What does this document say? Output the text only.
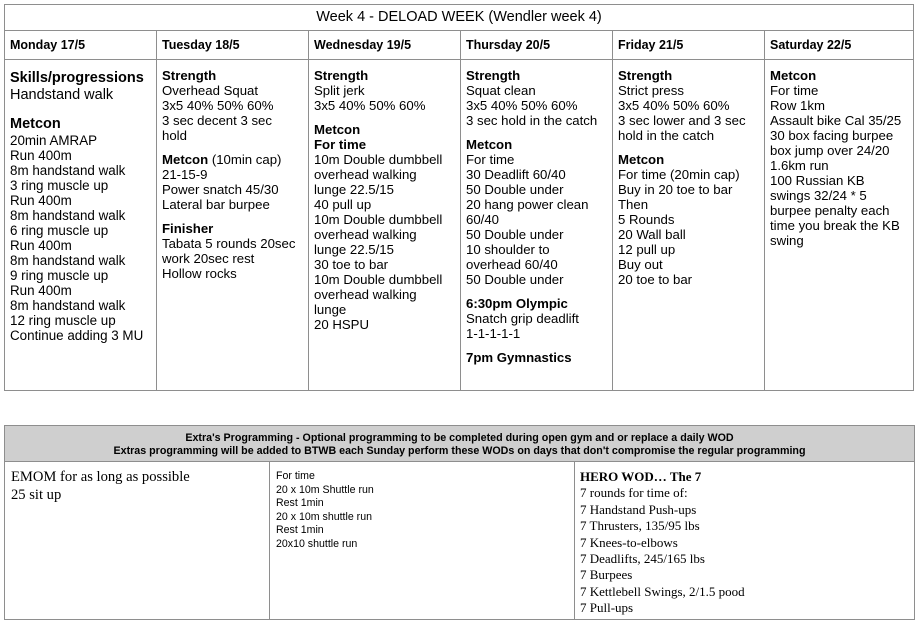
Week 4 - DELOAD WEEK (Wendler week 4)
Monday 17/5
Skills/progressions
Handstand walk
Metcon
20min AMRAP
Run 400m
8m handstand walk
3 ring muscle up
Run 400m
8m handstand walk
6 ring muscle up
Run 400m
8m handstand walk
9 ring muscle up
Run 400m
8m handstand walk
12 ring muscle up
Continue adding 3 MU
Tuesday 18/5
Strength
Overhead Squat
3x5 40% 50% 60%
3 sec decent 3 sec
hold
Metcon (10min cap)
21-15-9
Power snatch 45/30
Lateral bar burpee
Finisher
Tabata 5 rounds 20sec
work 20sec rest
Hollow rocks
Wednesday 19/5
Strength
Split jerk
3x5 40% 50% 60%
Metcon
For time
10m Double dumbbell
overhead walking
lunge 22.5/15
40 pull up
10m Double dumbbell
overhead walking
lunge 22.5/15
30 toe to bar
10m Double dumbbell
overhead walking
lunge
20 HSPU
Thursday 20/5
Strength
Squat clean
3x5 40% 50% 60%
3 sec hold in the catch
Metcon
For time
30 Deadlift 60/40
50 Double under
20 hang power clean
60/40
50 Double under
10 shoulder to
overhead 60/40
50 Double under
6:30pm Olympic
Snatch grip deadlift
1-1-1-1-1
7pm Gymnastics
Friday 21/5
Strength
Strict press
3x5 40% 50% 60%
3 sec lower and 3 sec
hold in the catch
Metcon
For time (20min cap)
Buy in 20 toe to bar
Then
5 Rounds
20 Wall ball
12 pull up
Buy out
20 toe to bar
Saturday 22/5
Metcon
For time
Row 1km
Assault bike Cal 35/25
30 box facing burpee
box jump over 24/20
1.6km run
100 Russian KB
swings 32/24 * 5
burpee penalty each
time you break the KB
swing
Extra's Programming - Optional programming to be completed during open gym and or replace a daily WOD
Extras programming will be added to BTWB each Sunday perform these WODs on days that don't compromise the regular programming
EMOM for as long as possible
25 sit up
For time
20 x 10m Shuttle run
Rest 1min
20 x 10m shuttle run
Rest 1min
20x10 shuttle run
HERO WOD… The 7
7 rounds for time of:
7 Handstand Push-ups
7 Thrusters, 135/95 lbs
7 Knees-to-elbows
7 Deadlifts, 245/165 lbs
7 Burpees
7 Kettlebell Swings, 2/1.5 pood
7 Pull-ups
